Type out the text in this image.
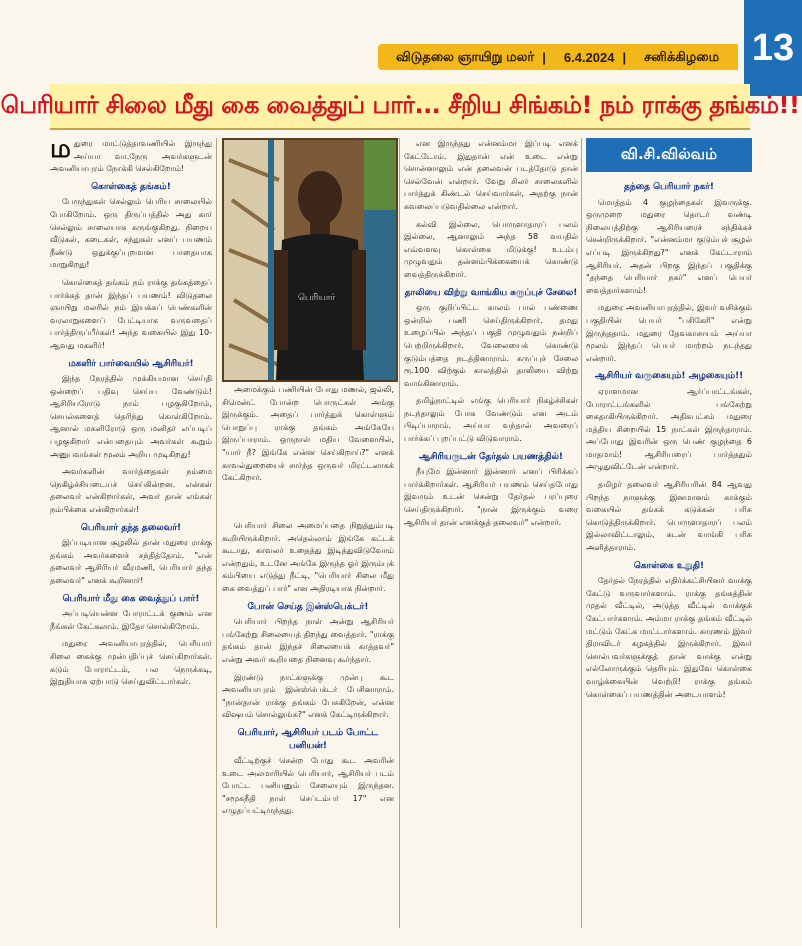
விடுதலை ஞாயிறு மலர் | 6.4.2024 | சனிக்கிழமை 13
பெரியார் சிலை மீது கை வைத்துப் பார்... சீறிய சிங்கம்! நம் ராக்கு தங்கம்!!

மதுரை மாட்டுத்தாவணியில் இருந்து அய்யா வா.நேரு அவர்களுடன் அவனியாபுரம் நோக்கி செல்கிறோம்!

கொள்கைத் தங்கம்!

பேருந்துகள் செல்லும் பெரிய சாலையில் போகிறோம். ஒரு திருப்பத்தில் அது கார் செல்லும் சாலையாக சுருங்குகிறது. நிறைய வீடுகள், கடைகள், சந்துகள் எனப் பயணம் நீண்டு ஒதுக்குப்புறமான பாதையாக மாறுகிறது!

கொள்கைத் தங்கம் நம் ராக்கு தங்கத்தைப் பார்க்கத் தான் இந்தப் பயணம்! விடுதலை ஞாயிறு மலரில் நம் இயக்கப் பெண்களின் வரலாறுகளைப் பேட்டியாக வருவதைப் பார்த்திருப்பீர்கள்! அந்த வகையில் இது 10-ஆவது மகளிர்!

மகளிர் பார்வையில் ஆசிரியர்!

இந்த நேரத்தில் முக்கியமான செய்தி ஒன்றைப் பதிவு செய்ய வேண்டும்! ஆசிரியரோடு நாம் பழகுகிறோம், செயல்களைத் தெரிந்து கொள்கிறோம். ஆனால் மகளிரோடு ஒரு மனிதர் எப்படிப் பழகுகிறார் என்பதையும் அவர்கள் கூறும் அனுபவங்கள் மூலம் அறிய முடிகிறது!

அவர்களின் வார்த்தைகள் நம்மை நெகிழ்ச்சியடையச் செய்கின்றன. என்கள் தலைவர் என்கிறார்கள், அவர் தான் எங்கள் நம்பிக்கை என்கிறார்கள்!

பெரியார் தந்த தலைவர்!

இப்படியான சூழலில் தான் மதுரை ராக்கு தங்கம் அவர்களைச் சந்தித்தோம். "என் தலைவர் ஆசிரியர் வீரமணி, பெரியார் தந்த தலைவர்" எனக் கூறினார்!

பெரியார் மீது கை வைத்துப் பார்!

அப்படியென்ன போராட்டக் குணம் என நீங்கள் கேட்கலாம். இதோ சொல்கிறோம்.

மதுரை அவனியாபுரத்தில், பெரியார் சிலை கைக்கு முன்பதிப்புச் செய்கிறார்கள். கடும் போராட்டம், பல நெருக்கடி, இறுதியாக ஏற்பாடு செய்துவிட்டார்கள்.

பெரியார்

அமைக்கும் பணியின் போது மணல், ஜல்லி, சிமென்ட் போன்ற பொருட்கள் அங்கு இருக்கும். அதைப் பார்த்துக் கொள்ளும் பொறுப்பு ராக்கு தங்கம் அங்கேயே இருப்பாராம். ஒருநாள் மதிய வேளையில், "யார் நீ? இங்கே என்ன செய்கிறாய்?" எனக் காவல்துறையைச் சார்ந்த ஒருவர் மிரட்டலாகக் கேட்கிறார்.

பெரியார் சிலை அமைப்பதை நிறுத்தும்படி கூறியிருக்கிறார். அதெல்லாம் இங்கே கட்டக் கூடாது, காவலர் உதைத்து இடித்துவிடுவோம் என்றதும், உடனே அங்கே இருந்த ஓர் இரும்புக் கம்பியை எடுத்து நீட்டி, "பெரியார் சிலை மீது கை வைத்துப் பார்" என அதிரடியாக நின்றார்.

போன் செய்த இன்ஸ்பெக்டர்!

பெரியார் பிறந்த நாள் அன்று ஆசிரியர் பங்கேற்று சிலையைத் திறந்து வைத்தார். "ராக்கு தங்கம் தான் இந்தச் சிலையைக் காத்தவர்" என்று அவர் கூறியதை நினைவு கூர்ந்தார்.

இரண்டு நாட்களுக்கு முன்பு கூட அவனியாபுரம் இன்ஸ்பெக்டர் பேசினாராம். "நான்தான் ராக்கு தங்கம் பேசுகிறேன், என்ன விஷயம் சொல்லுங்க?" எனக் கேட்டிருக்கிறார்.

பெரியார், ஆசிரியர் படம் போட்ட பனியன்!

வீட்டிற்குச் சென்ற போது கூட அவரின் உடை அலமாரியில் பெரியார், ஆசிரியர் படம் போட்ட பனியனும் சேலையும் இருந்தன. "சமூகநீதி நாள் செப்டம்பர் 17" என எழுதப்பட்டிருந்தது.

என இருந்தது என்னம்மா இப்படி எனக் கேட்டோம். இதுதான் என் உடை என்று சொன்னாலும் என் தலைவன் படத்தோடு தான் செல்வேன் என்றார். வேறு சிலர் சாலைகளில் பார்த்துக் கிண்டல் செய்வார்கள், அதற்கு நான் கவலைப்படுவதில்லை என்றார்.

கல்வி இல்லை, பொருளாதாரப் பலம் இல்லை, ஆனாலும் அந்த 58 வயதில் எவ்வளவு கொள்கை மிடுக்கு! உடம்பு முழுவதும் தன்னம்பிக்கையைக் கொண்டு வைத்திருக்கிறார்.

தாலியை விற்று வாங்கிய சுருப்புச் சேலை!

ஒரு குறிப்பிட்ட காலம் பால் பண்ணை ஒன்றில் பணி செய்திருக்கிறார். தமது உழைப்பில் அந்தப் பகுதி முழுவதும் நன்றிப் பெற்றிருக்கிறார். வேலையைக் கொண்டு குடும்பத்தை நடத்தினாராம். கருப்புச் சேலை ரூ.100 விற்கும் காலத்தில் தாலியை விற்று வாங்கினாராம்.

தமிழ்நாட்டில் எங்கு பெரியார் நிகழ்ச்சிகள் நடந்தாலும் போக வேண்டும் என அடம் பிடிப்பாராம். அய்யா வந்தால் அவரைப் பார்க்கப் புறப்பட்டு விடுவாராம்.

ஆசிரியருடன் தேர்தல் பயணத்தில்!

நீயுமே இன்னார் இன்னார் எனப் பிரிக்கப் பார்க்கிறார்கள். ஆசிரியர் பயணம் செய்தபோது இவரும் உடன் சென்று தேர்தல் பரப்புரை செய்திருக்கிறார். "நான் இருக்கும் வரை ஆசிரியர் தான் எனக்குத் தலைவர்" என்றார்.

வி.சி.வில்வம்
தந்தை பெரியார் நகர்!

மொத்தம் 4 குழந்தைகள் இவருக்கு. ஒருமுறை மதுரை தொடர் வண்டி நிலையத்திற்கு ஆசிரியரைச் சந்திக்கச் சென்றிருக்கிறார். "என்னம்மா குடும்பச் சூழல் எப்படி இருக்கிறது?" எனக் கேட்டாராம் ஆசிரியர். அதன் பிறகு இந்தப் பகுதிக்கு "தந்தை பெரியார் நகர்" எனப் பெயர் வைத்தார்களாம்!

மதுரை அவனியாபுரத்தில், இவர் வசிக்கும் பகுதியின் பெயர் "பசிகேரி" என்று இருந்ததாம். மதுரை தேவகாசாயம் அய்யா மூலம் இந்தப் பெயர் மாற்றம் நடந்தது என்றார்.

ஆசிரியர் வருகையும்! அழகையும்!!

ஏராளமான ஆர்ப்பாட்டங்கள், போராட்டங்களில் பங்கேற்று கைதாகியிருக்கிறார். அதிகபட்சம் மதுரை மத்திய சிறையில் 15 நாட்கள் இருந்தாராம். அப்போது இவரின் ஒரு பெண் குழந்தை 6 மாதமாம்! ஆசிரியரைப் பார்த்ததும் அழுதுவிட்டேன் என்றார்.

தமிழர் தலைவர் ஆசிரியரின் 84 ஆவது பிறந்த நாளுக்கு இனமானம் காக்கும் வகையில் தங்கக் கடுக்கன் பரிசு கொடுத்திருக்கிறார். பொருளாதாரப் பலம் இல்லாவிட்டாலும், கடன் வாங்கி பரிசு அளித்தாராம்.

கொள்கை உறுதி!

தேர்தல் நேரத்தில் எதிர்க்கட்சியினர் வாக்கு கேட்டு வருவார்களாம். ராக்கு தங்கத்தின் முதல் வீட்டில், அடுத்த வீட்டில் வாக்குக் கேட்பார்களாம். அம்மா ராக்கு தங்கம் வீட்டில் மட்டும் கேட்க மாட்டார்களாம். காரணம் இவர் திராவிடர் கழகத்தில் இருக்கிறார். இவர் சொல்பவர்களுக்குத் தான் வாக்கு என்று எல்லோருக்கும் தெரியும். இதுவே கொள்கை வாழ்க்கையின் வெற்றி! ராக்கு தங்கம் கொள்கைப் பயணத்தின் அடையாளம்!
